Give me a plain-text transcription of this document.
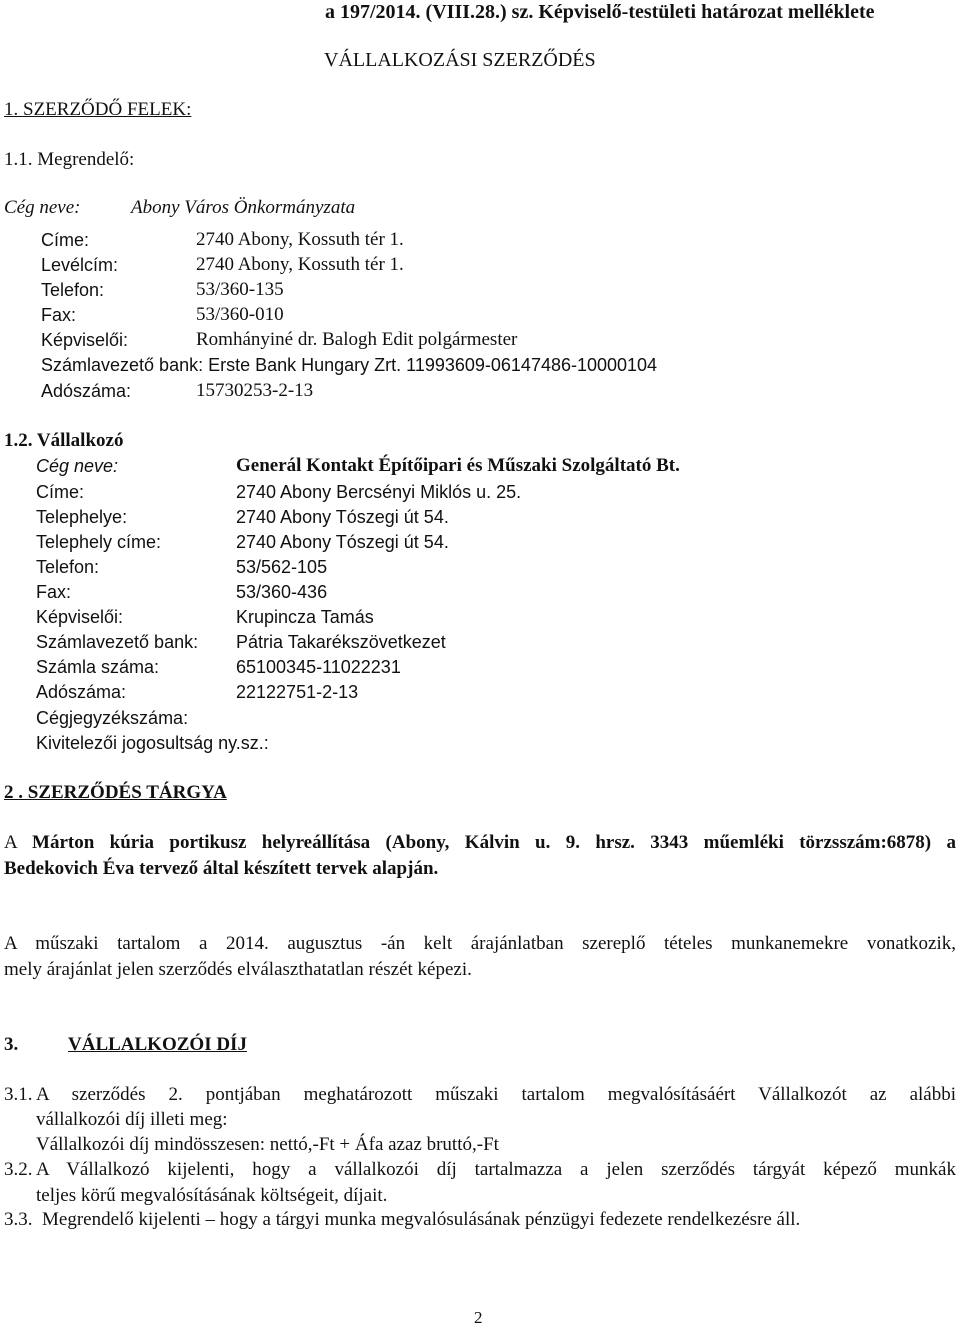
a 197/2014. (VIII.28.) sz. Képviselő-testületi határozat melléklete
VÁLLALKOZÁSI SZERZŐDÉS
1. SZERZŐDŐ FELEK:
1.1. Megrendelő:
Cég neve:	Abony Város Önkormányzata
Címe:	2740 Abony, Kossuth tér 1.
Levélcím:	2740 Abony, Kossuth tér 1.
Telefon:	53/360-135
Fax:	53/360-010
Képviselői:	Romhányiné dr. Balogh Edit polgármester
Számlavezető bank: Erste Bank Hungary Zrt. 11993609-06147486-10000104
Adószáma:	15730253-2-13
1.2. Vállalkozó
Cég neve:	Generál Kontakt Építőipari és Műszaki Szolgáltató Bt.
Címe:	2740 Abony Bercsényi Miklós u. 25.
Telephelye:	2740 Abony Tószegi út 54.
Telephely címe:	2740 Abony Tószegi út 54.
Telefon:	53/562-105
Fax:	53/360-436
Képviselői:	Krupincza Tamás
Számlavezető bank: Pátria Takarékszövetkezet
Számla száma:	65100345-11022231
Adószáma:	22122751-2-13
Cégjegyzékszáma:
Kivitelezői jogosultság ny.sz.:
2 . SZERZŐDÉS TÁRGYA
A Márton kúria portikusz helyreállítása (Abony, Kálvin u. 9. hrsz. 3343 műemléki törzsszám:6878) a
Bedekovich Éva tervező által készített tervek alapján.
A műszaki tartalom a 2014. augusztus -án kelt árajánlatban szereplő tételes munkanemekre vonatkozik,
mely árajánlat jelen szerződés elválaszthatatlan részét képezi.
3.	VÁLLALKOZÓI DÍJ
3.1. A szerződés 2. pontjában meghatározott műszaki tartalom megvalósításáért Vállalkozót az alábbi
vállalkozói díj illeti meg:
Vállalkozói díj mindösszesen: nettó,-Ft + Áfa azaz bruttó,-Ft
3.2. A Vállalkozó kijelenti, hogy a vállalkozói díj tartalmazza a jelen szerződés tárgyát képező munkák
teljes körű megvalósításának költségeit, díjait.
3.3. Megrendelő kijelenti – hogy a tárgyi munka megvalósulásának pénzügyi fedezete rendelkezésre áll.
2
